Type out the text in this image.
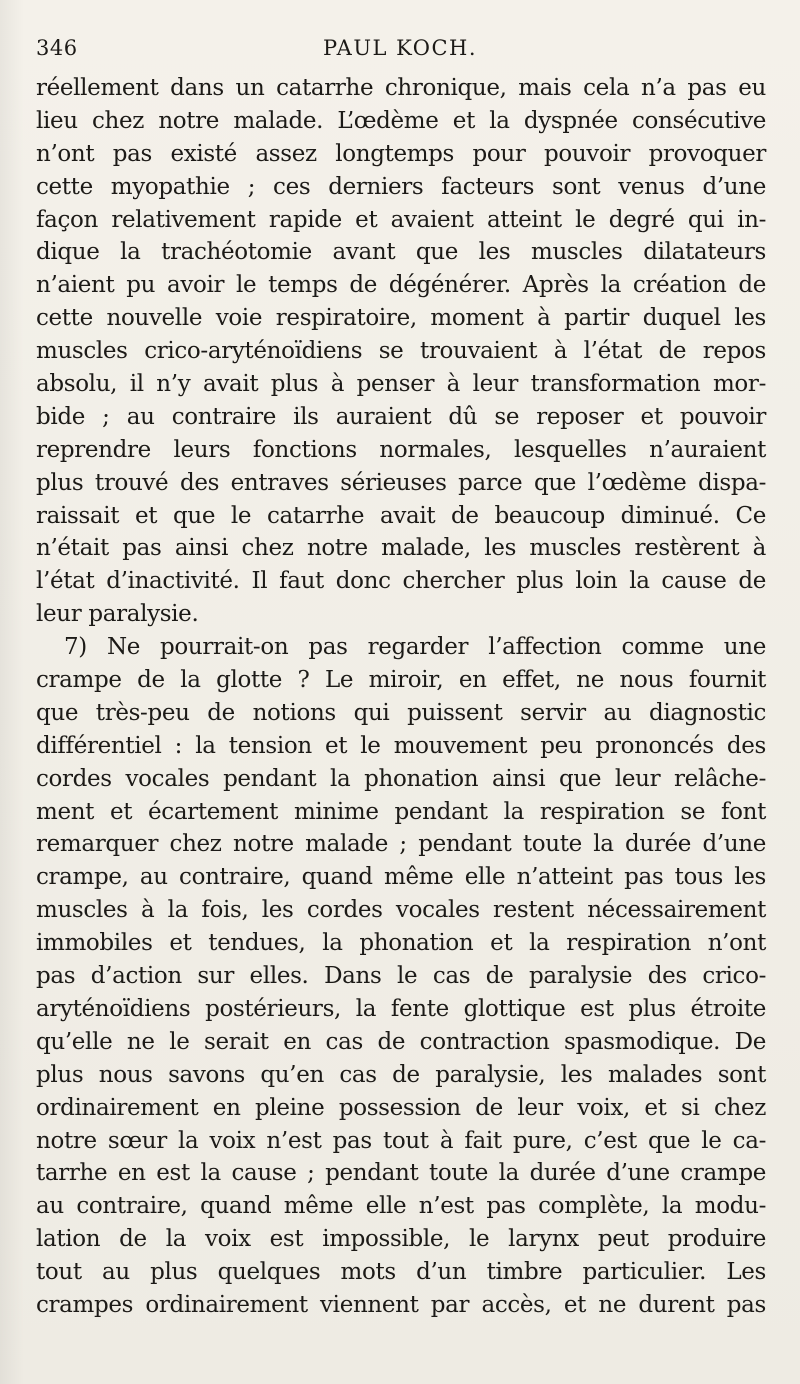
346	PAUL KOCH.
réellement dans un catarrhe chronique, mais cela n’a pas eu
lieu chez notre malade. L’œdème et la dyspnée consécutive
n’ont pas existé assez longtemps pour pouvoir provoquer
cette myopathie ; ces derniers facteurs sont venus d’une
façon relativement rapide et avaient atteint le degré qui in-
dique la trachéotomie avant que les muscles dilatateurs
n’aient pu avoir le temps de dégénérer. Après la création de
cette nouvelle voie respiratoire, moment à partir duquel les
muscles crico-aryténoïdiens se trouvaient à l’état de repos
absolu, il n’y avait plus à penser à leur transformation mor-
bide ; au contraire ils auraient dû se reposer et pouvoir
reprendre leurs fonctions normales, lesquelles n’auraient
plus trouvé des entraves sérieuses parce que l’œdème dispa-
raissait et que le catarrhe avait de beaucoup diminué. Ce
n’était pas ainsi chez notre malade, les muscles restèrent à
l’état d’inactivité. Il faut donc chercher plus loin la cause de
leur paralysie.
7) Ne pourrait-on pas regarder l’affection comme une
crampe de la glotte ? Le miroir, en effet, ne nous fournit
que très-peu de notions qui puissent servir au diagnostic
différentiel : la tension et le mouvement peu prononcés des
cordes vocales pendant la phonation ainsi que leur relâche-
ment et écartement minime pendant la respiration se font
remarquer chez notre malade ; pendant toute la durée d’une
crampe, au contraire, quand même elle n’atteint pas tous les
muscles à la fois, les cordes vocales restent nécessairement
immobiles et tendues, la phonation et la respiration n’ont
pas d’action sur elles. Dans le cas de paralysie des crico-
aryténoïdiens postérieurs, la fente glottique est plus étroite
qu’elle ne le serait en cas de contraction spasmodique. De
plus nous savons qu’en cas de paralysie, les malades sont
ordinairement en pleine possession de leur voix, et si chez
notre sœur la voix n’est pas tout à fait pure, c’est que le ca-
tarrhe en est la cause ; pendant toute la durée d’une crampe
au contraire, quand même elle n’est pas complète, la modu-
lation de la voix est impossible, le larynx peut produire
tout au plus quelques mots d’un timbre particulier. Les
crampes ordinairement viennent par accès, et ne durent pas
